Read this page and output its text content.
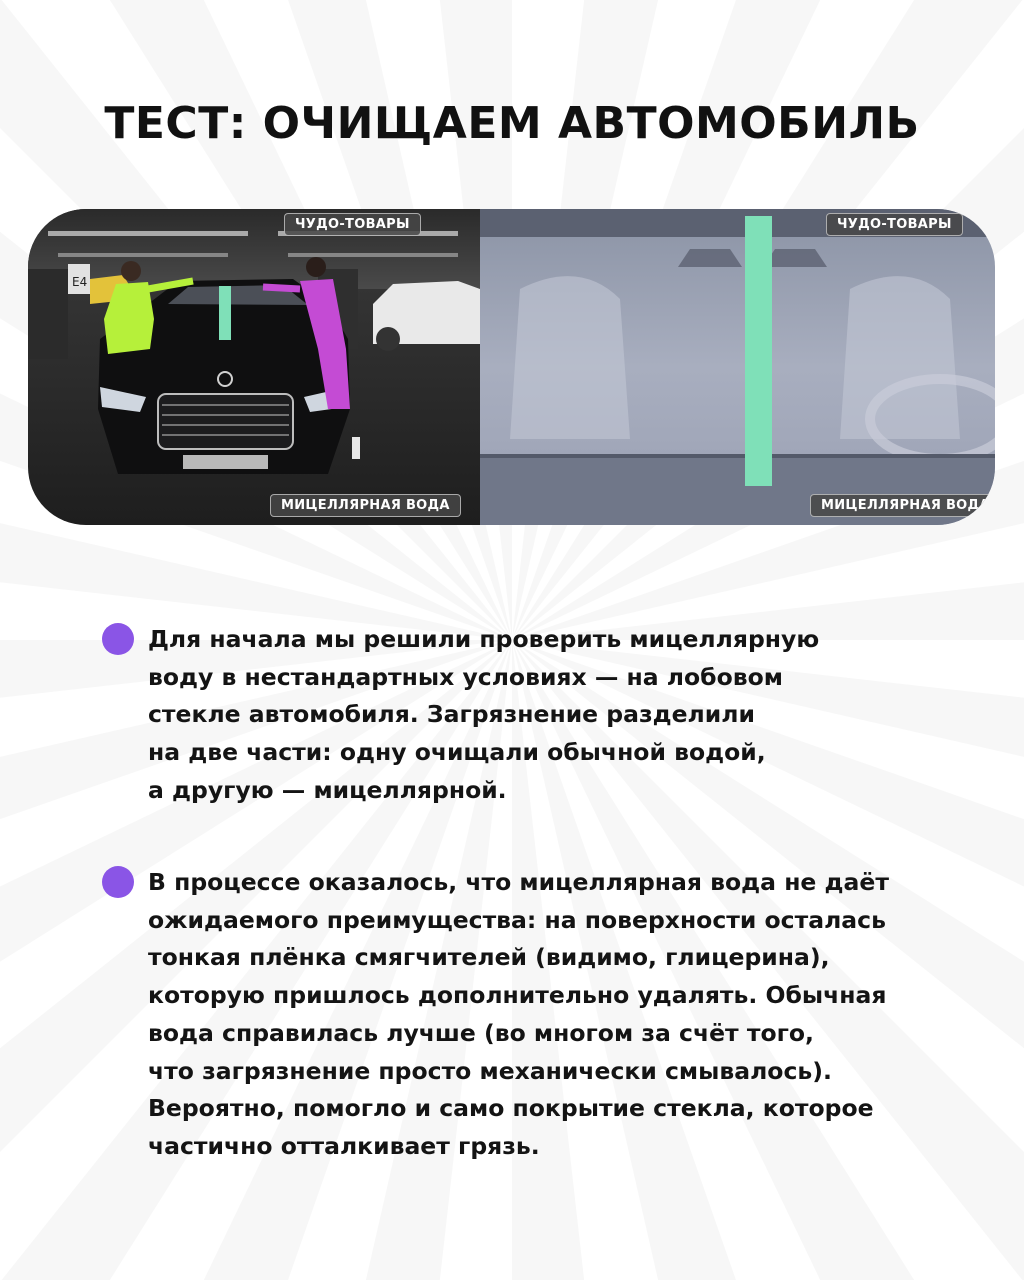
ТЕСТ: ОЧИЩАЕМ АВТОМОБИЛЬ
E4
ЧУДО-ТОВАРЫ
МИЦЕЛЛЯРНАЯ ВОДА
ЧУДО-ТОВАРЫ
МИЦЕЛЛЯРНАЯ ВОДА

Для начала мы решили проверить мицеллярную
воду в нестандартных условиях — на лобовом
стекле автомобиля. Загрязнение разделили
на две части: одну очищали обычной водой,
а другую — мицеллярной.

В процессе оказалось, что мицеллярная вода не даёт
ожидаемого преимущества: на поверхности осталась
тонкая плёнка смягчителей (видимо, глицерина),
которую пришлось дополнительно удалять. Обычная
вода справилась лучше (во многом за счёт того,
что загрязнение просто механически смывалось).
Вероятно, помогло и само покрытие стекла, которое
частично отталкивает грязь.
